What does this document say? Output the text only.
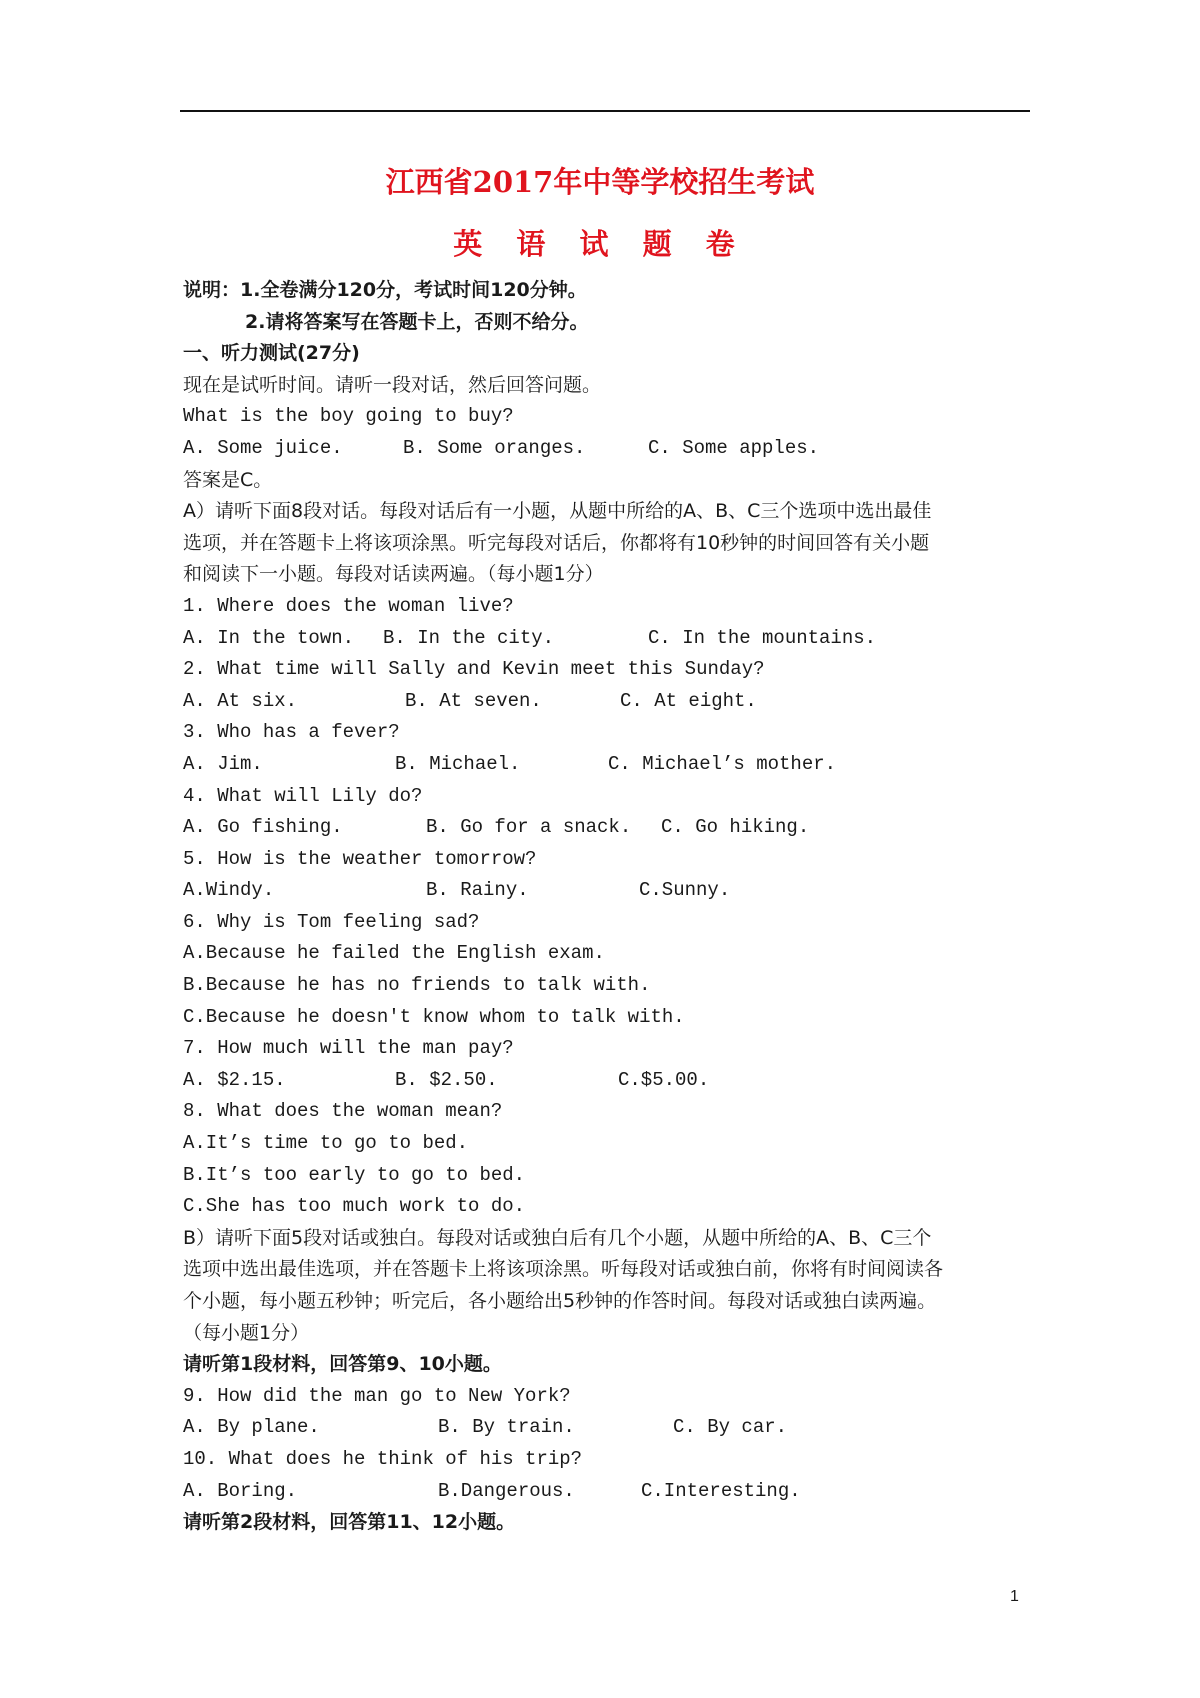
江西省2017年中等学校招生考试
英 语 试 题 卷
说明：1.全卷满分120分，考试时间120分钟。
2.请将答案写在答题卡上，否则不给分。
一、听力测试(27分)
现在是试听时间。请听一段对话，然后回答问题。
What is the boy going to buy?
A. Some juice.	B. Some oranges.	C. Some apples.
答案是C。
A）请听下面8段对话。每段对话后有一小题，从题中所给的A、B、C三个选项中选出最佳
选项，并在答题卡上将该项涂黑。听完每段对话后，你都将有10秒钟的时间回答有关小题
和阅读下一小题。每段对话读两遍。（每小题1分）
1. Where does the woman live?
A. In the town.	B. In the city.	C. In the mountains.
2. What time will Sally and Kevin meet this Sunday?
A. At six.	B. At seven.	C. At eight.
3. Who has a fever?
A. Jim.	B. Michael.	C. Michael’s mother.
4. What will Lily do?
A. Go fishing.	B. Go for a snack.	C. Go hiking.
5. How is the weather tomorrow?
A.Windy.	B. Rainy.	C.Sunny.
6. Why is Tom feeling sad?
A.Because he failed the English exam.
B.Because he has no friends to talk with.
C.Because he doesn't know whom to talk with.
7. How much will the man pay?
A. $2.15.	B. $2.50.	C.$5.00.
8. What does the woman mean?
A.It’s time to go to bed.
B.It’s too early to go to bed.
C.She has too much work to do.
B）请听下面5段对话或独白。每段对话或独白后有几个小题，从题中所给的A、B、C三个
选项中选出最佳选项，并在答题卡上将该项涂黑。听每段对话或独白前，你将有时间阅读各
个小题，每小题五秒钟；听完后，各小题给出5秒钟的作答时间。每段对话或独白读两遍。
（每小题1分）
请听第1段材料，回答第9、10小题。
9. How did the man go to New York?
A. By plane.	B. By train.	C. By car.
10. What does he think of his trip?
A. Boring.	B.Dangerous.	C.Interesting.
请听第2段材料，回答第11、12小题。
1
